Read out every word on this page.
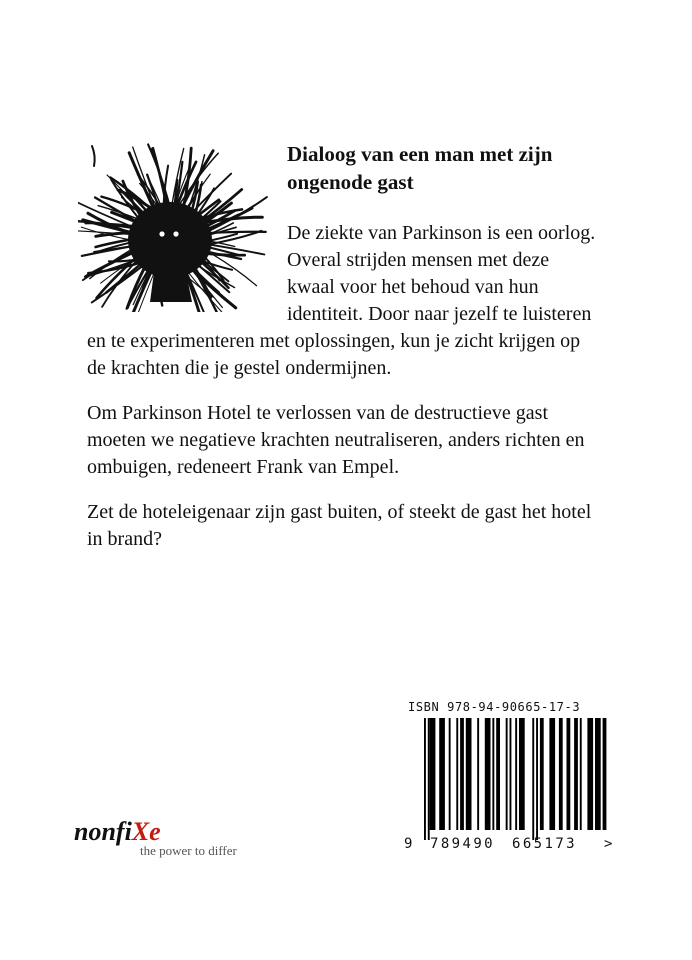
Dialoog van een man met zijn
ongenode gast

De ziekte van Parkinson is een oorlog.
Overal strijden mensen met deze
kwaal voor het behoud van hun
identiteit. Door naar jezelf te luisteren

en te experimenteren met oplossingen, kun je zicht krijgen op
de krachten die je gestel ondermijnen.

Om Parkinson Hotel te verlossen van de destructieve gast
moeten we negatieve krachten neutraliseren, anders richten en
ombuigen, redeneert Frank van Empel.

Zet de hoteleigenaar zijn gast buiten, of steekt de gast het hotel
in brand?

nonfiXe
the power to differ
ISBN 978-94-90665-17-3
9 789490 665173 >
